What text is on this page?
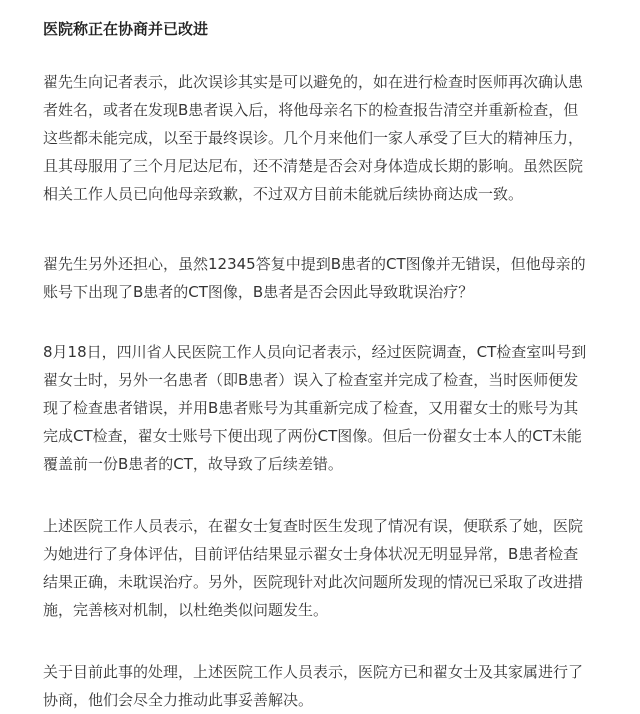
医院称正在协商并已改进

翟先生向记者表示，此次误诊其实是可以避免的，如在进行检查时医师再次确认患
者姓名，或者在发现B患者误入后，将他母亲名下的检查报告清空并重新检查，但
这些都未能完成，以至于最终误诊。几个月来他们一家人承受了巨大的精神压力，
且其母服用了三个月尼达尼布，还不清楚是否会对身体造成长期的影响。虽然医院
相关工作人员已向他母亲致歉，不过双方目前未能就后续协商达成一致。

翟先生另外还担心，虽然12345答复中提到B患者的CT图像并无错误，但他母亲的
账号下出现了B患者的CT图像，B患者是否会因此导致耽误治疗？

8月18日，四川省人民医院工作人员向记者表示，经过医院调查，CT检查室叫号到
翟女士时，另外一名患者（即B患者）误入了检查室并完成了检查，当时医师便发
现了检查患者错误，并用B患者账号为其重新完成了检查，又用翟女士的账号为其
完成CT检查，翟女士账号下便出现了两份CT图像。但后一份翟女士本人的CT未能
覆盖前一份B患者的CT，故导致了后续差错。

上述医院工作人员表示，在翟女士复查时医生发现了情况有误，便联系了她，医院
为她进行了身体评估，目前评估结果显示翟女士身体状况无明显异常，B患者检查
结果正确，未耽误治疗。另外，医院现针对此次问题所发现的情况已采取了改进措
施，完善核对机制，以杜绝类似问题发生。

关于目前此事的处理，上述医院工作人员表示，医院方已和翟女士及其家属进行了
协商，他们会尽全力推动此事妥善解决。
